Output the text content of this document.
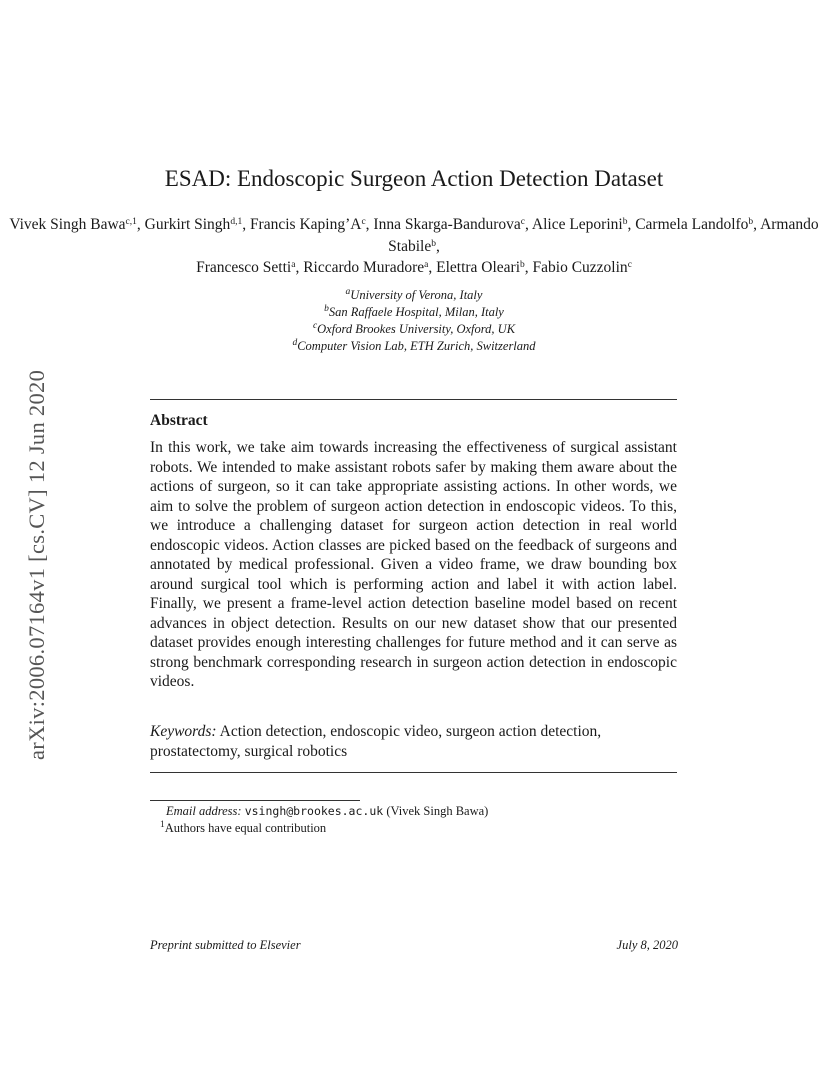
arXiv:2006.07164v1 [cs.CV] 12 Jun 2020
ESAD: Endoscopic Surgeon Action Detection Dataset
Vivek Singh Bawa$^{c,1}$, Gurkirt Singh$^{d,1}$, Francis $Kaping’A^c$, Inna Skarga-Bandurova$^c$, Alice Leporini$^b$, Carmela Landolfo$^b$, Armando Stabile$^b$,
Francesco Setti$^a$, Riccardo Muradore$^a$, Elettra Oleari$^b$, Fabio Cuzzolin$^c$
$^a$University of Verona, Italy
$^b$San Raffaele Hospital, Milan, Italy
$^c$Oxford Brookes University, Oxford, UK
$^d$Computer Vision Lab, ETH Zurich, Switzerland
Abstract
In this work, we take aim towards increasing the effectiveness of surgical assistant robots. We intended to make assistant robots safer by making them aware about the actions of surgeon, so it can take appropriate assisting actions. In other words, we aim to solve the problem of surgeon action detection in endoscopic videos. To this, we introduce a challenging dataset for surgeon action detection in real world endoscopic videos. Action classes are picked based on the feedback of surgeons and annotated by medical professional. Given a video frame, we draw bounding box around surgical tool which is performing action and label it with action label. Finally, we present a frame-level action detection baseline model based on recent advances in object detection. Results on our new dataset show that our presented dataset provides enough interesting challenges for future method and it can serve as strong benchmark corresponding research in surgeon action detection in endoscopic videos.
Keywords: Action detection, endoscopic video, surgeon action detection, prostatectomy, surgical robotics
Email address: vsingh@brookes.ac.uk (Vivek Singh Bawa)
$^1$Authors have equal contribution
Preprint submitted to Elsevier	July 8, 2020
